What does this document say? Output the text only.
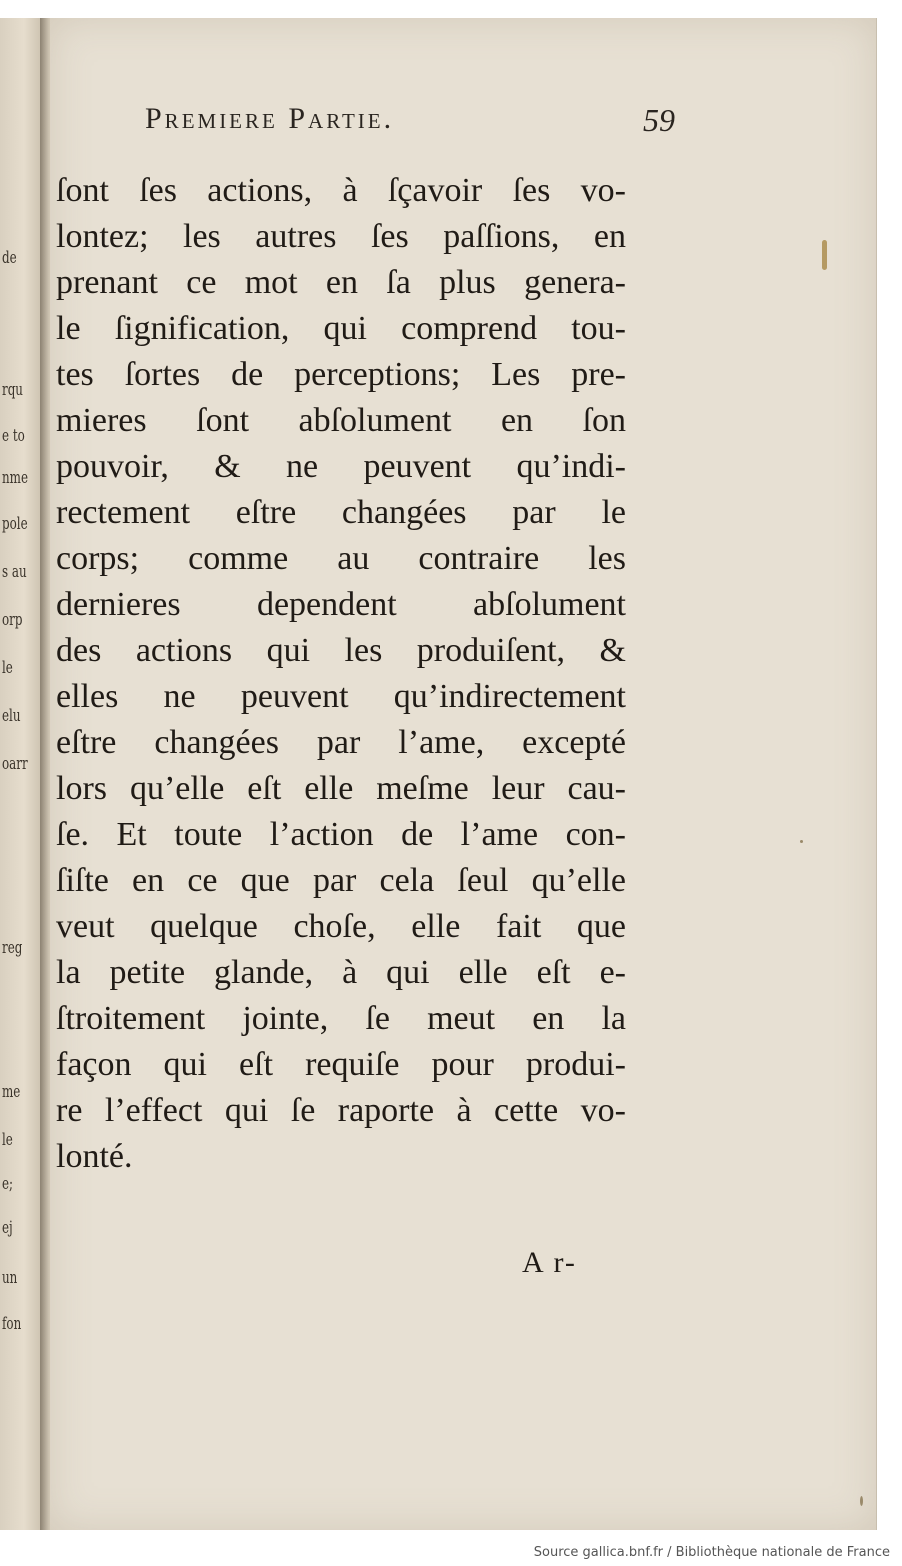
de
rqu
e to
nme
pole
s au
orp
le
elu
oarr
reg
me
le
e;
ej
un
fon
Premiere Partie.	59
ſont ſes actions, à ſçavoir ſes vo-
lontez; les autres ſes paſſions, en
prenant ce mot en ſa plus genera-
le ſignification, qui comprend tou-
tes ſortes de perceptions; Les pre-
mieres ſont abſolument en ſon
pouvoir, & ne peuvent qu’indi-
rectement eſtre changées par le
corps; comme au contraire les
dernieres dependent abſolument
des actions qui les produiſent, &
elles ne peuvent qu’indirectement
eſtre changées par l’ame, excepté
lors qu’elle eſt elle meſme leur cau-
ſe. Et toute l’action de l’ame con-
ſiſte en ce que par cela ſeul qu’elle
veut quelque choſe, elle fait que
la petite glande, à qui elle eſt e-
ſtroitement jointe, ſe meut en la
façon qui eſt requiſe pour produi-
re l’effect qui ſe raporte à cette vo-
lonté.
A r-
Source gallica.bnf.fr / Bibliothèque nationale de France
